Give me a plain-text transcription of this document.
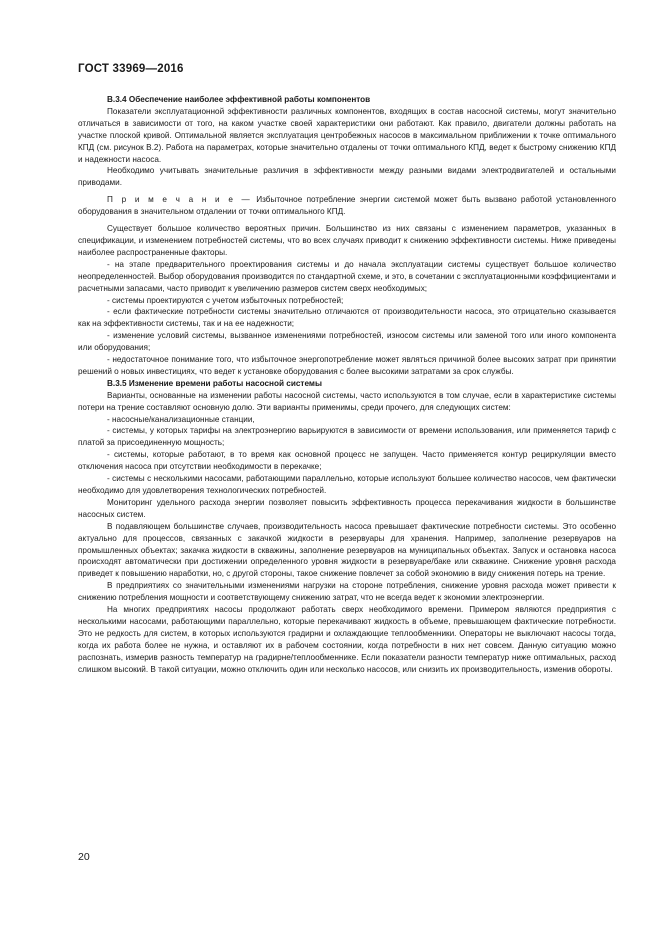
ГОСТ 33969—2016

В.3.4 Обеспечение наиболее эффективной работы компонентов

Показатели эксплуатационной эффективности различных компонентов, входящих в состав насосной системы, могут значительно отличаться в зависимости от того, на каком участке своей характеристики они работают. Как правило, двигатели должны работать на участке плоской кривой. Оптимальной является эксплуатация центробежных насосов в максимальном приближении к точке оптимального КПД (см. рисунок В.2). Работа на параметрах, которые значительно отдалены от точки оптимального КПД, ведет к быстрому снижению КПД и надежности насоса.

Необходимо учитывать значительные различия в эффективности между разными видами электродвигателей и остальными приводами.

П р и м е ч а н и е — Избыточное потребление энергии системой может быть вызвано работой установленного оборудования в значительном отдалении от точки оптимального КПД.

Существует большое количество вероятных причин. Большинство из них связаны с изменением параметров, указанных в спецификации, и изменением потребностей системы, что во всех случаях приводит к снижению эффективности системы. Ниже приведены наиболее распространенные факторы.

- на этапе предварительного проектирования системы и до начала эксплуатации системы существует большое количество неопределенностей. Выбор оборудования производится по стандартной схеме, и это, в сочетании с эксплуатационными коэффициентами и расчетными запасами, часто приводит к увеличению размеров систем сверх необходимых;

- системы проектируются с учетом избыточных потребностей;

- если фактические потребности системы значительно отличаются от производительности насоса, это отрицательно сказывается как на эффективности системы, так и на ее надежности;

- изменение условий системы, вызванное изменениями потребностей, износом системы или заменой того или иного компонента или оборудования;

- недостаточное понимание того, что избыточное энергопотребление может являться причиной более высоких затрат при принятии решений о новых инвестициях, что ведет к установке оборудования с более высокими затратами за срок службы.

В.3.5 Изменение времени работы насосной системы

Варианты, основанные на изменении работы насосной системы, часто используются в том случае, если в характеристике системы потери на трение составляют основную долю. Эти варианты применимы, среди прочего, для следующих систем:

- насосные/канализационные станции,

- системы, у которых тарифы на электроэнергию варьируются в зависимости от времени использования, или применяется тариф с платой за присоединенную мощность;

- системы, которые работают, в то время как основной процесс не запущен. Часто применяется контур рециркуляции вместо отключения насоса при отсутствии необходимости в перекачке;

- системы с несколькими насосами, работающими параллельно, которые используют большее количество насосов, чем фактически необходимо для удовлетворения технологических потребностей.

Мониторинг удельного расхода энергии позволяет повысить эффективность процесса перекачивания жидкости в большинстве насосных систем.

В подавляющем большинстве случаев, производительность насоса превышает фактические потребности системы. Это особенно актуально для процессов, связанных с закачкой жидкости в резервуары для хранения. Например, заполнение резервуаров на промышленных объектах; закачка жидкости в скважины, заполнение резервуаров на муниципальных объектах. Запуск и остановка насоса происходят автоматически при достижении определенного уровня жидкости в резервуаре/баке или скважине. Снижение уровня расхода приведет к повышению наработки, но, с другой стороны, такое снижение повлечет за собой экономию в виду снижения потерь на трение.

В предприятиях со значительными изменениями нагрузки на стороне потребления, снижение уровня расхода может привести к снижению потребления мощности и соответствующему снижению затрат, что не всегда ведет к экономии электроэнергии.

На многих предприятиях насосы продолжают работать сверх необходимого времени. Примером являются предприятия с несколькими насосами, работающими параллельно, которые перекачивают жидкость в объеме, превышающем фактические потребности. Это не редкость для систем, в которых используются градирни и охлаждающие теплообменники. Операторы не выключают насосы тогда, когда их работа более не нужна, и оставляют их в рабочем состоянии, когда потребности в них нет совсем. Данную ситуацию можно распознать, измерив разность температур на градирне/теплообменнике. Если показатели разности температур ниже оптимальных, расход слишком высокий. В такой ситуации, можно отключить один или несколько насосов, или снизить их производительность, изменив обороты.

20
